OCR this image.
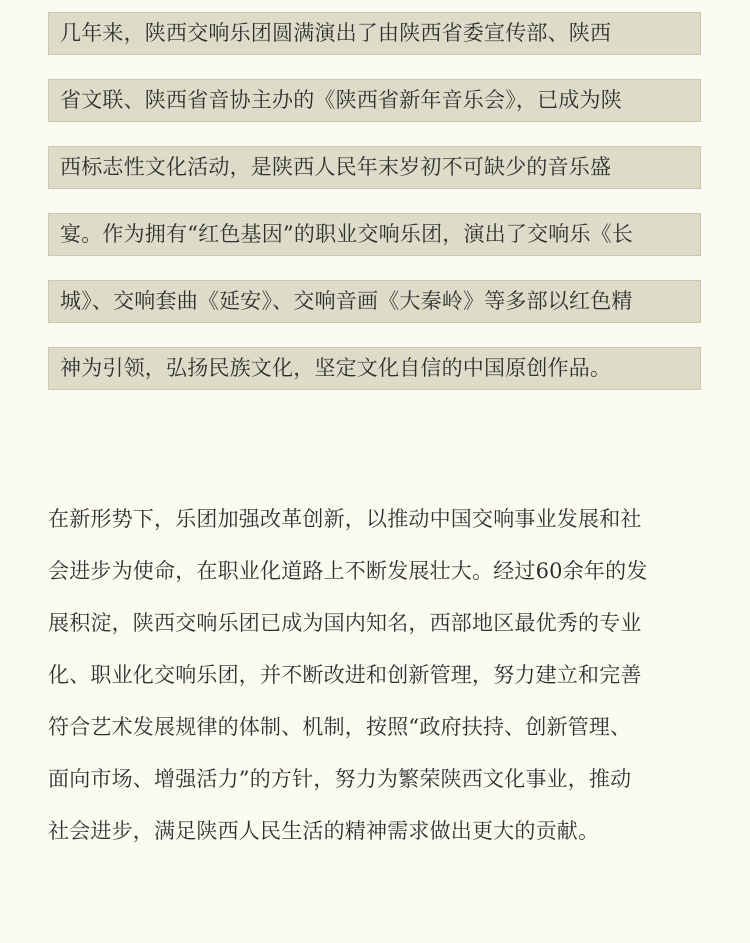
几年来，陕西交响乐团圆满演出了由陕西省委宣传部、陕西
省文联、陕西省音协主办的《陕西省新年音乐会》，已成为陕
西标志性文化活动，是陕西人民年末岁初不可缺少的音乐盛
宴。作为拥有“红色基因”的职业交响乐团，演出了交响乐《长
城》、交响套曲《延安》、交响音画《大秦岭》等多部以红色精
神为引领，弘扬民族文化，坚定文化自信的中国原创作品。
在新形势下，乐团加强改革创新，以推动中国交响事业发展和社
会进步为使命，在职业化道路上不断发展壮大。经过60余年的发
展积淀，陕西交响乐团已成为国内知名，西部地区最优秀的专业
化、职业化交响乐团，并不断改进和创新管理，努力建立和完善
符合艺术发展规律的体制、机制，按照“政府扶持、创新管理、
面向市场、增强活力”的方针，努力为繁荣陕西文化事业，推动
社会进步，满足陕西人民生活的精神需求做出更大的贡献。
